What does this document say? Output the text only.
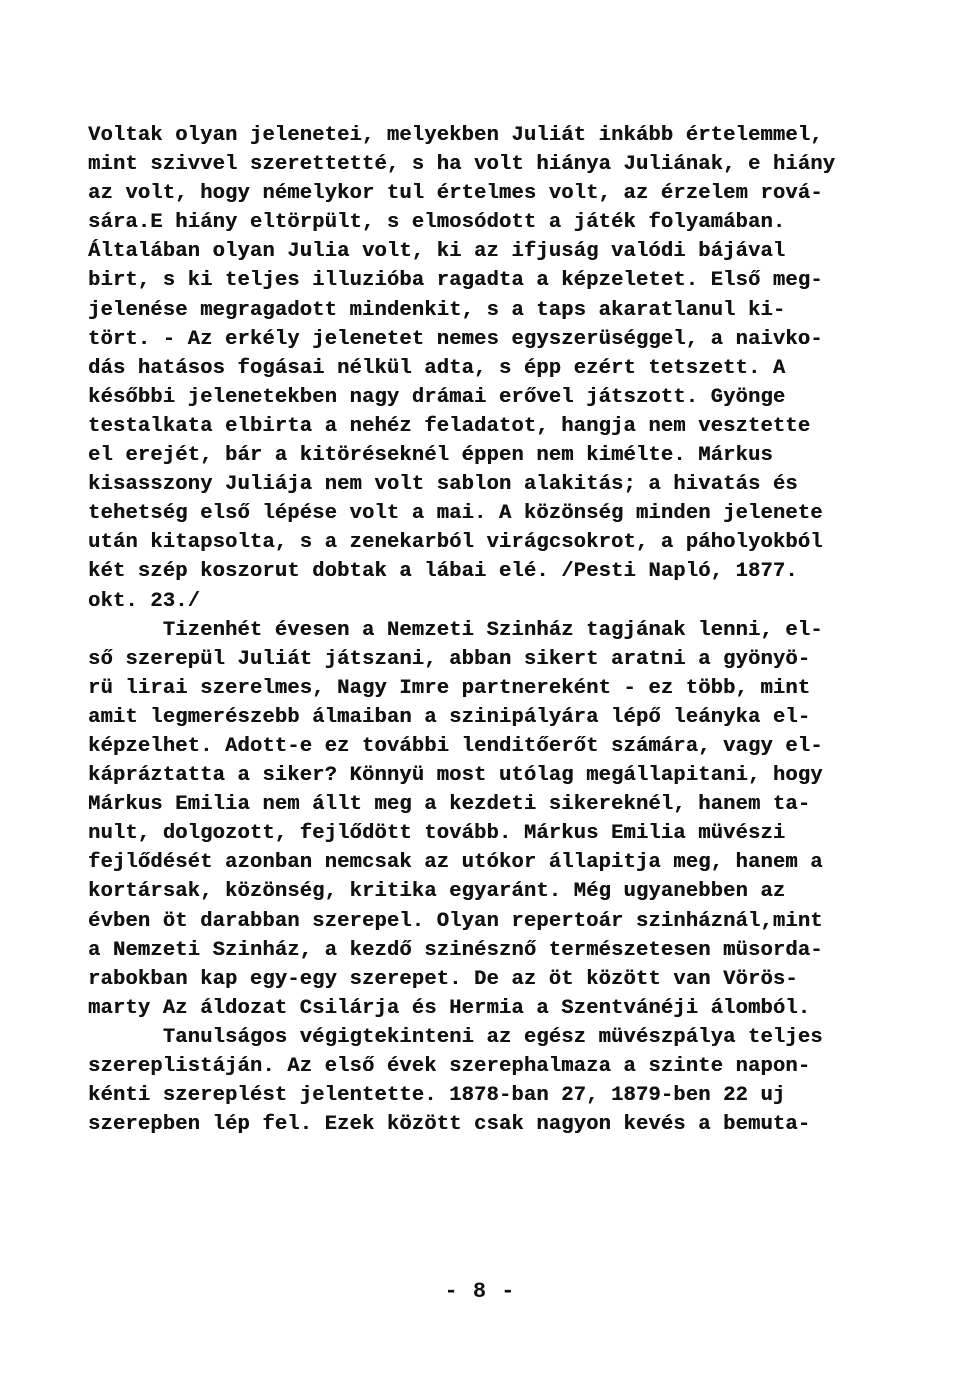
Voltak olyan jelenetei, melyekben Juliát inkább értelemmel,
mint szivvel szerettetté, s ha volt hiánya Juliának, e hiány
az volt, hogy némelykor tul értelmes volt, az érzelem rová-
sára.E hiány eltörpült, s elmosódott a játék folyamában.
Általában olyan Julia volt, ki az ifjuság valódi bájával
birt, s ki teljes illuzióba ragadta a képzeletet. Első meg-
jelenése megragadott mindenkit, s a taps akaratlanul ki-
tört. - Az erkély jelenetet nemes egyszerüséggel, a naivko-
dás hatásos fogásai nélkül adta, s épp ezért tetszett. A
későbbi jelenetekben nagy drámai erővel játszott. Gyönge
testalkata elbirta a nehéz feladatot, hangja nem vesztette
el erejét, bár a kitöréseknél éppen nem kimélte. Márkus
kisasszony Juliája nem volt sablon alakitás; a hivatás és
tehetség első lépése volt a mai. A közönség minden jelenete
után kitapsolta, s a zenekarból virágcsokrot, a páholyokból
két szép koszorut dobtak a lábai elé. /Pesti Napló, 1877.
okt. 23./
Tizenhét évesen a Nemzeti Szinház tagjának lenni, el-
ső szerepül Juliát játszani, abban sikert aratni a gyönyö-
rü lirai szerelmes, Nagy Imre partnereként - ez több, mint
amit legmerészebb álmaiban a szinipályára lépő leányka el-
képzelhet. Adott-e ez további lenditőerőt számára, vagy el-
kápráztatta a siker? Könnyü most utólag megállapitani, hogy
Márkus Emilia nem állt meg a kezdeti sikereknél, hanem ta-
nult, dolgozott, fejlődött tovább. Márkus Emilia müvészi
fejlődését azonban nemcsak az utókor állapitja meg, hanem a
kortársak, közönség, kritika egyaránt. Még ugyanebben az
évben öt darabban szerepel. Olyan repertoár szinháznál,mint
a Nemzeti Szinház, a kezdő szinésznő természetesen müsorda-
rabokban kap egy-egy szerepet. De az öt között van Vörös-
marty Az áldozat Csilárja és Hermia a Szentvánéji álomból.
Tanulságos végigtekinteni az egész müvészpálya teljes
szereplistáján. Az első évek szerephalmaza a szinte napon-
kénti szereplést jelentette. 1878-ban 27, 1879-ben 22 uj
szerepben lép fel. Ezek között csak nagyon kevés a bemuta-
- 8 -
